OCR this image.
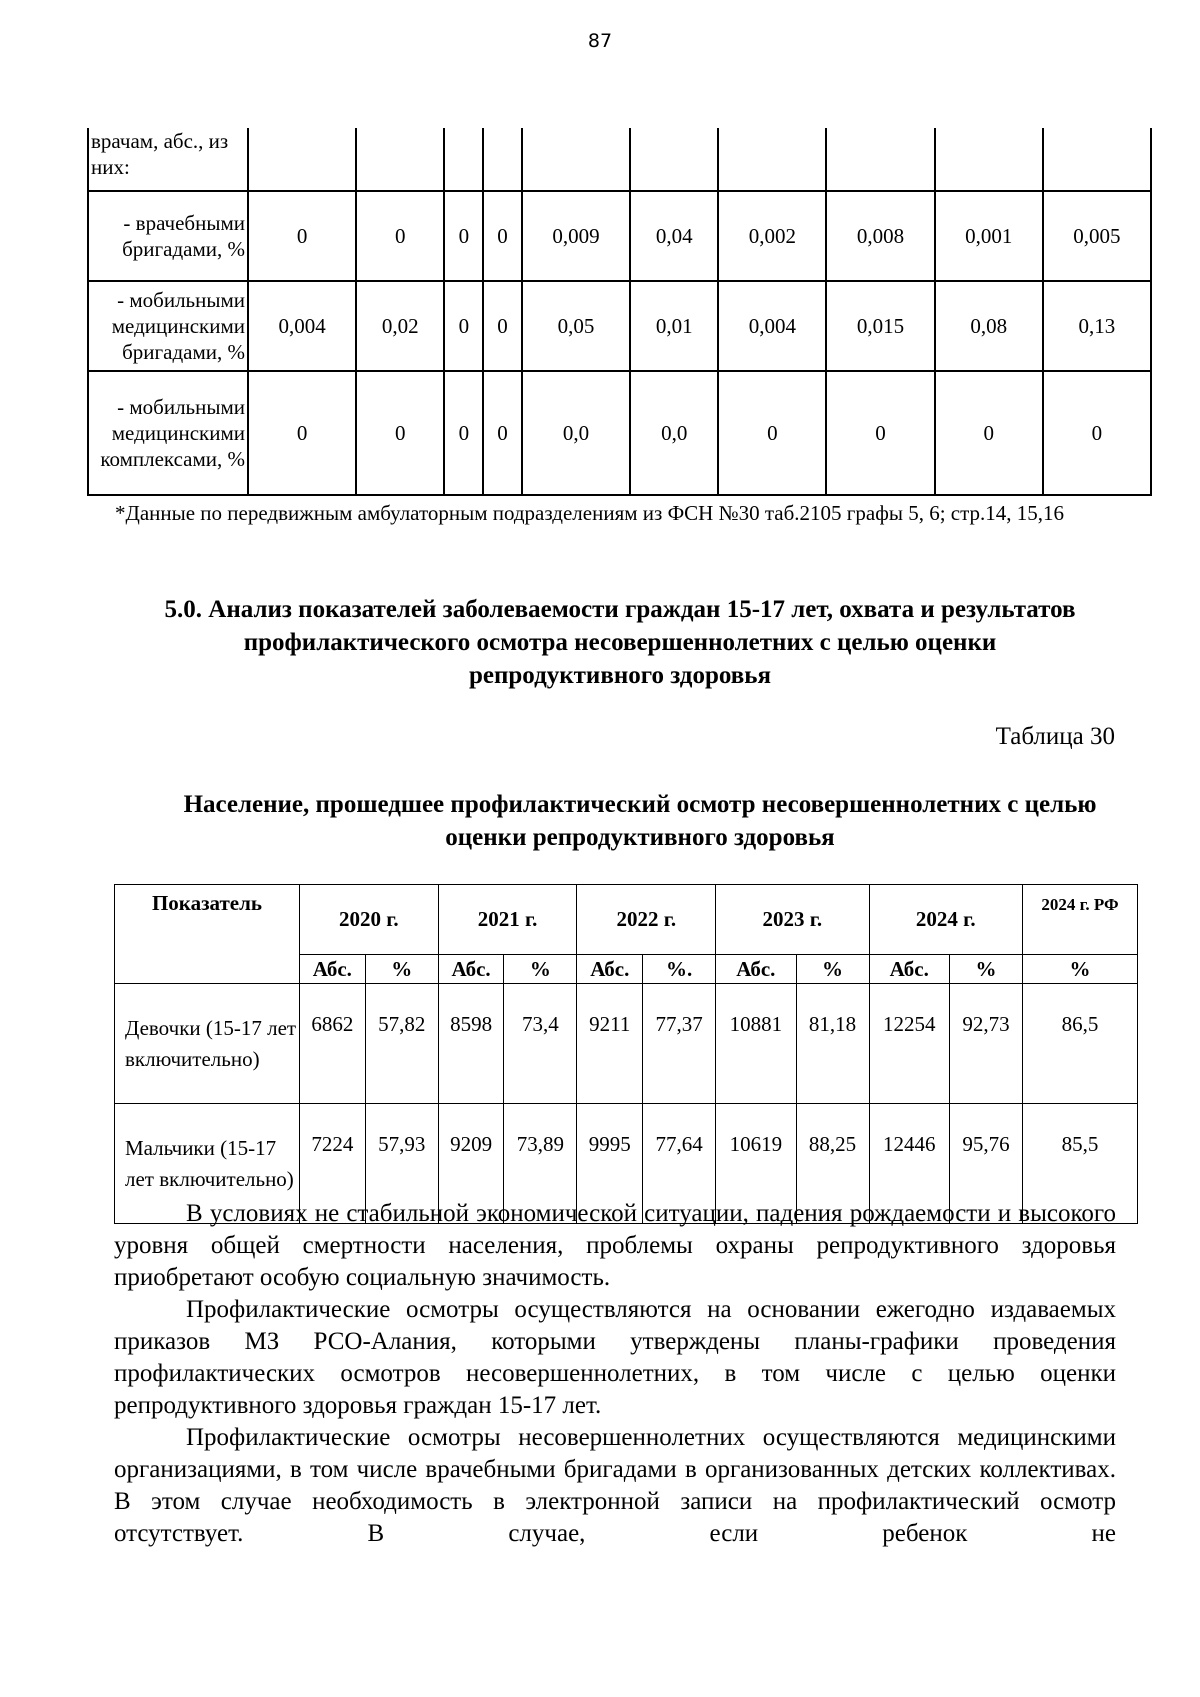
87
врачам, абс., из них:										
- врачебными бригадами, %	0	0	0	0	0,009	0,04	0,002	0,008	0,001	0,005
- мобильными медицинскими бригадами, %	0,004	0,02	0	0	0,05	0,01	0,004	0,015	0,08	0,13
- мобильными медицинскими комплексами, %	0	0	0	0	0,0	0,0	0	0	0	0
*Данные по передвижным амбулаторным подразделениям из ФСН №30 таб.2105 графы 5, 6; стр.14, 15,16
5.0. Анализ показателей заболеваемости граждан 15-17 лет, охвата и результатов профилактического осмотра несовершеннолетних с целью оценки репродуктивного здоровья
Таблица 30
Население, прошедшее профилактический осмотр несовершеннолетних с целью оценки репродуктивного здоровья
Показатель	2020 г.		2021 г.		2022 г.		2023 г.		2024 г.		2024 г. РФ
	Абс.	%	Абс.	%	Абс.	%.	Абс.	%	Абс.	%	%
Девочки (15-17 лет включительно)	6862	57,82	8598	73,4	9211	77,37	10881	81,18	12254	92,73	86,5
Мальчики (15-17 лет включительно)	7224	57,93	9209	73,89	9995	77,64	10619	88,25	12446	95,76	85,5

В условиях не стабильной экономической ситуации, падения рождаемости и высокого уровня общей смертности населения, проблемы охраны репродуктивного здоровья приобретают особую социальную значимость.

Профилактические осмотры осуществляются на основании ежегодно издаваемых приказов МЗ РСО-Алания, которыми утверждены планы-графики проведения профилактических осмотров несовершеннолетних, в том числе с целью оценки репродуктивного здоровья граждан 15-17 лет.

Профилактические осмотры несовершеннолетних осуществляются медицинскими организациями, в том числе врачебными бригадами в организованных детских коллективах. В этом случае необходимость в электронной записи на профилактический осмотр отсутствует. В случае, если ребенок не
